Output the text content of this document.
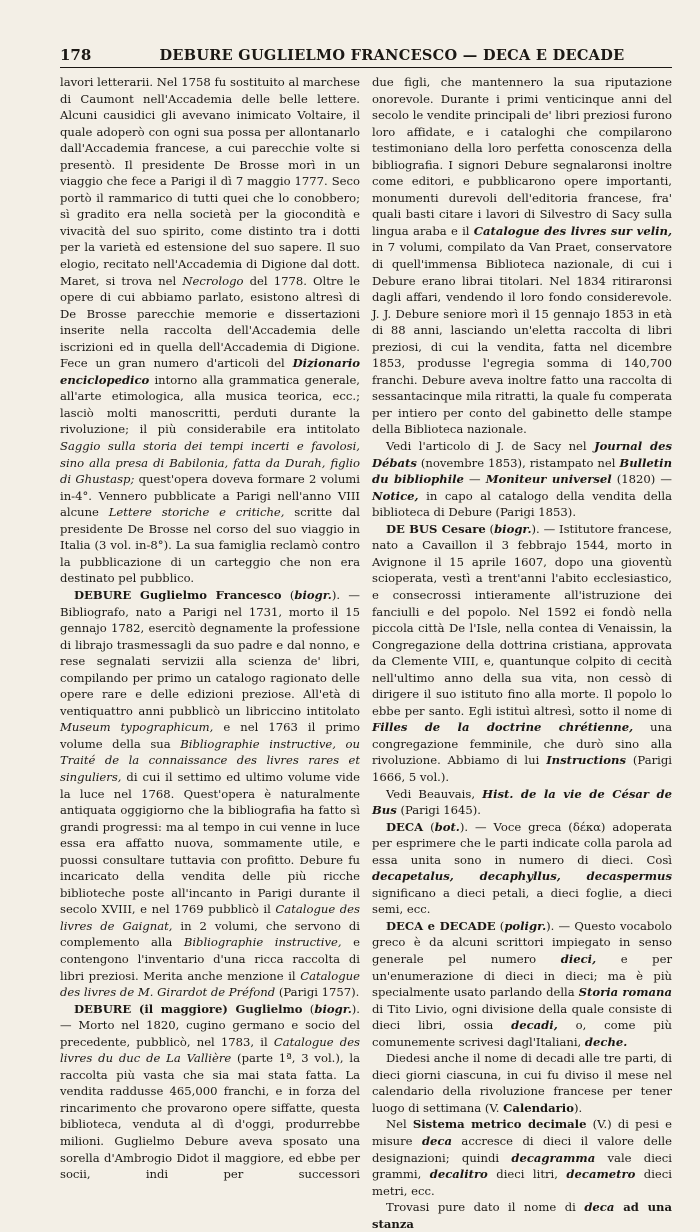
178	DEBURE GUGLIELMO FRANCESCO — DECA E DECADE

lavori letterarii. Nel 1758 fu sostituito al marchese di Caumont nell'Accademia delle belle lettere. Alcuni causidici gli avevano inimicato Voltaire, il quale adoperò con ogni sua possa per allontanarlo dall'Accademia francese, a cui parecchie volte si presentò. Il presidente De Brosse morì in un viaggio che fece a Parigi il dì 7 maggio 1777. Seco portò il rammarico di tutti quei che lo conobbero; sì gradito era nella società per la giocondità e vivacità del suo spirito, come distinto tra i dotti per la varietà ed estensione del suo sapere. Il suo elogio, recitato nell'Accademia di Digione dal dott. Maret, si trova nel Necrologo del 1778. Oltre le opere di cui abbiamo parlato, esistono altresì di De Brosse parecchie memorie e dissertazioni inserite nella raccolta dell'Accademia delle iscrizioni ed in quella dell'Accademia di Digione. Fece un gran numero d'articoli del Dizionario enciclopedico intorno alla grammatica generale, all'arte etimologica, alla musica teorica, ecc.; lasciò molti manoscritti, perduti durante la rivoluzione; il più considerabile era intitolato Saggio sulla storia dei tempi incerti e favolosi, sino alla presa di Babilonia, fatta da Durah, figlio di Ghustasp; quest'opera doveva formare 2 volumi in-4°. Vennero pubblicate a Parigi nell'anno VIII alcune Lettere storiche e critiche, scritte dal presidente De Brosse nel corso del suo viaggio in Italia (3 vol. in-8°). La sua famiglia reclamò contro la pubblicazione di un carteggio che non era destinato pel pubblico.

DEBURE Guglielmo Francesco (biogr.). — Bibliografo, nato a Parigi nel 1731, morto il 15 gennajo 1782, esercitò degnamente la professione di librajo trasmessagli da suo padre e dal nonno, e rese segnalati servizii alla scienza de' libri, compilando per primo un catalogo ragionato delle opere rare e delle edizioni preziose. All'età di ventiquattro anni pubblicò un libriccino intitolato Museum typographicum, e nel 1763 il primo volume della sua Bibliographie instructive, ou Traité de la connaissance des livres rares et singuliers, di cui il settimo ed ultimo volume vide la luce nel 1768. Quest'opera è naturalmente antiquata oggigiorno che la bibliografia ha fatto sì grandi progressi: ma al tempo in cui venne in luce essa era affatto nuova, sommamente utile, e puossi consultare tuttavia con profitto. Debure fu incaricato della vendita delle più ricche biblioteche poste all'incanto in Parigi durante il secolo XVIII, e nel 1769 pubblicò il Catalogue des livres de Gaignat, in 2 volumi, che servono di complemento alla Bibliographie instructive, e contengono l'inventario d'una ricca raccolta di libri preziosi. Merita anche menzione il Catalogue des livres de M. Girardot de Préfond (Parigi 1757).

DEBURE (il maggiore) Guglielmo (biogr.). — Morto nel 1820, cugino germano e socio del precedente, pubblicò, nel 1783, il Catalogue des livres du duc de La Vallière (parte 1ª, 3 vol.), la raccolta più vasta che sia mai stata fatta. La vendita raddusse 465,000 franchi, e in forza del rincarimento che provarono opere siffatte, questa biblioteca, venduta al dì d'oggi, produrrebbe milioni. Guglielmo Debure aveva sposato una sorella d'Ambrogio Didot il maggiore, ed ebbe per socii, indi per successori

due figli, che mantennero la sua riputazione onorevole. Durante i primi venticinque anni del secolo le vendite principali de' libri preziosi furono loro affidate, e i cataloghi che compilarono testimoniano della loro perfetta conoscenza della bibliografia. I signori Debure segnalaronsi inoltre come editori, e pubblicarono opere importanti, monumenti durevoli dell'editoria francese, fra' quali basti citare i lavori di Silvestro di Sacy sulla lingua araba e il Catalogue des livres sur velin, in 7 volumi, compilato da Van Praet, conservatore di quell'immensa Biblioteca nazionale, di cui i Debure erano librai titolari. Nel 1834 ritiraronsi dagli affari, vendendo il loro fondo considerevole. J. J. Debure seniore morì il 15 gennajo 1853 in età di 88 anni, lasciando un'eletta raccolta di libri preziosi, di cui la vendita, fatta nel dicembre 1853, produsse l'egregia somma di 140,700 franchi. Debure aveva inoltre fatto una raccolta di sessantacinque mila ritratti, la quale fu comperata per intiero per conto del gabinetto delle stampe della Biblioteca nazionale.

Vedi l'articolo di J. de Sacy nel Journal des Débats (novembre 1853), ristampato nel Bulletin du bibliophile — Moniteur universel (1820) — Notice, in capo al catalogo della vendita della biblioteca di Debure (Parigi 1853).

DE BUS Cesare (biogr.). — Istitutore francese, nato a Cavaillon il 3 febbrajo 1544, morto in Avignone il 15 aprile 1607, dopo una gioventù scioperata, vestì a trent'anni l'abito ecclesiastico, e consecrossi intieramente all'istruzione dei fanciulli e del popolo. Nel 1592 ei fondò nella piccola città De l'Isle, nella contea di Venaissin, la Congregazione della dottrina cristiana, approvata da Clemente VIII, e, quantunque colpito di cecità nell'ultimo anno della sua vita, non cessò di dirigere il suo istituto fino alla morte. Il popolo lo ebbe per santo. Egli istituì altresì, sotto il nome di Filles de la doctrine chrétienne, una congregazione femminile, che durò sino alla rivoluzione. Abbiamo di lui Instructions (Parigi 1666, 5 vol.).

Vedi Beauvais, Hist. de la vie de César de Bus (Parigi 1645).

DECA (bot.). — Voce greca (δέκα) adoperata per esprimere che le parti indicate colla parola ad essa unita sono in numero di dieci. Così decapetalus, decaphyllus, decaspermus significano a dieci petali, a dieci foglie, a dieci semi, ecc.

DECA e DECADE (poligr.). — Questo vocabolo greco è da alcuni scrittori impiegato in senso generale pel numero dieci, e per un'enumerazione di dieci in dieci; ma è più specialmente usato parlando della Storia romana di Tito Livio, ogni divisione della quale consiste di dieci libri, ossia decadi, o, come più comunemente scrivesi dagl'Italiani, deche.

Diedesi anche il nome di decadi alle tre parti, di dieci giorni ciascuna, in cui fu diviso il mese nel calendario della rivoluzione francese per tener luogo di settimana (V. Calendario).

Nel Sistema metrico decimale (V.) di pesi e misure deca accresce di dieci il valore delle designazioni; quindi decagramma vale dieci grammi, decalitro dieci litri, decametro dieci metri, ecc.

Trovasi pure dato il nome di deca ad una stanza
